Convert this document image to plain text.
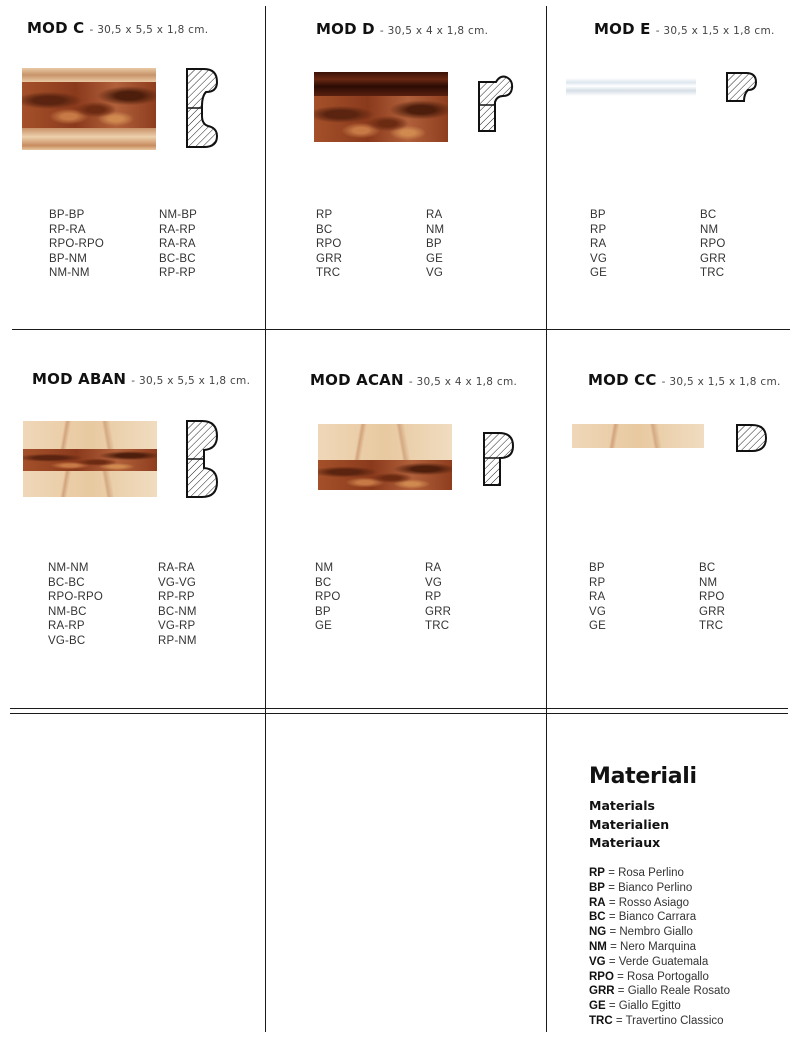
MOD C - 30,5 x 5,5 x 1,8 cm.
BP-BP	NM-BP
RP-RA	RA-RP
RPO-RPO	RA-RA
BP-NM	BC-BC
NM-NM	RP-RP
MOD D - 30,5 x 4 x 1,8 cm.
RP	RA
BC	NM
RPO	BP
GRR	GE
TRC	VG
MOD E - 30,5 x 1,5 x 1,8 cm.
BP	BC
RP	NM
RA	RPO
VG	GRR
GE	TRC
MOD ABAN - 30,5 x 5,5 x 1,8 cm.
NM-NM	RA-RA
BC-BC	VG-VG
RPO-RPO	RP-RP
NM-BC	BC-NM
RA-RP	VG-RP
VG-BC	RP-NM
MOD ACAN - 30,5 x 4 x 1,8 cm.
NM	RA
BC	VG
RPO	RP
BP	GRR
GE	TRC
MOD CC - 30,5 x 1,5 x 1,8 cm.
BP	BC
RP	NM
RA	RPO
VG	GRR
GE	TRC
Materiali
Materials
Materialien
Materiaux
RP = Rosa Perlino
BP = Bianco Perlino
RA = Rosso Asiago
BC = Bianco Carrara
NG = Nembro Giallo
NM = Nero Marquina
VG = Verde Guatemala
RPO = Rosa Portogallo
GRR = Giallo Reale Rosato
GE = Giallo Egitto
TRC = Travertino Classico
